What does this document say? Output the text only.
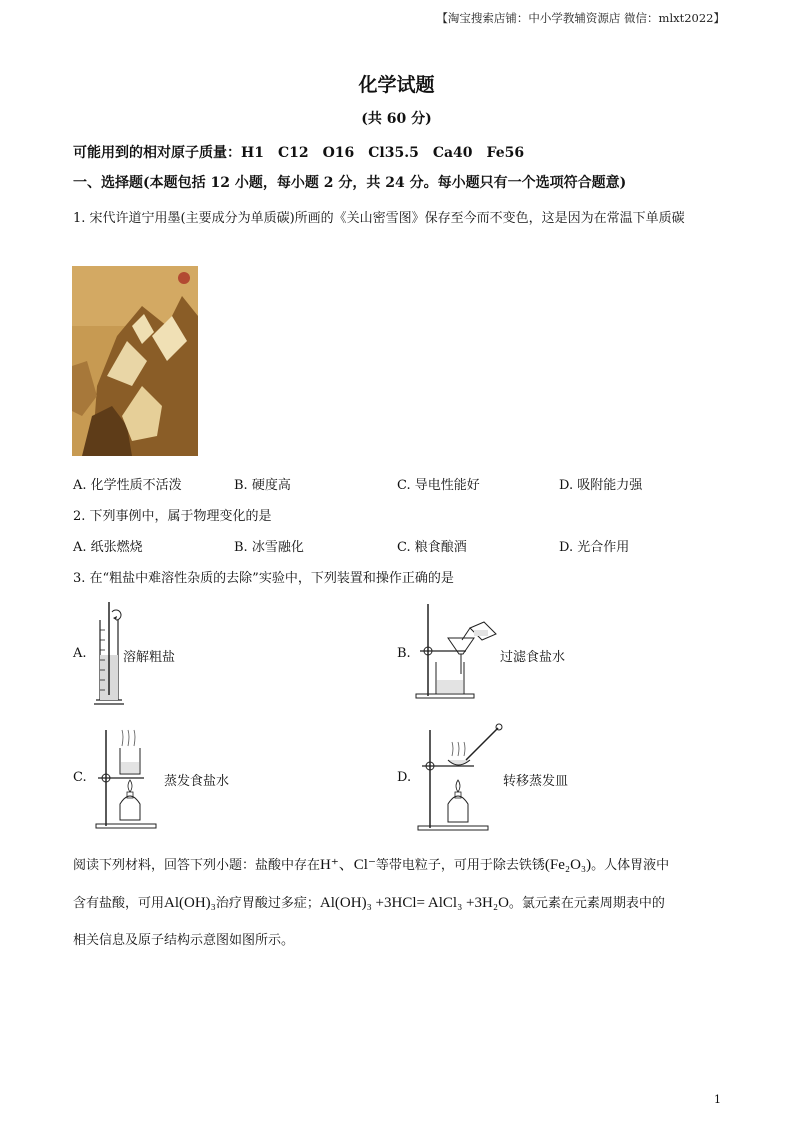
【淘宝搜索店铺：中小学教辅资源店 微信：mlxt2022】
化学试题
(共 60 分)
可能用到的相对原子质量：H1　C12　O16　Cl35.5　Ca40　Fe56
一、选择题(本题包括 12 小题，每小题 2 分，共 24 分。每小题只有一个选项符合题意)
1. 宋代许道宁用墨(主要成分为单质碳)所画的《关山密雪图》保存至今而不变色，这是因为在常温下单质碳
A. 化学性质不活泼	B. 硬度高	C. 导电性能好	D. 吸附能力强
2. 下列事例中，属于物理变化的是
A. 纸张燃烧	B. 冰雪融化	C. 粮食酿酒	D. 光合作用
3. 在“粗盐中难溶性杂质的去除”实验中，下列装置和操作正确的是
A.	溶解粗盐	B.	过滤食盐水
C.	蒸发食盐水	D.	转移蒸发皿
阅读下列材料，回答下列小题：盐酸中存在H⁺、Cl⁻等带电粒子，可用于除去铁锈(Fe₂O₃)。人体胃液中
含有盐酸，可用Al(OH)₃治疗胃酸过多症；Al(OH)₃ +3HCl= AlCl₃ +3H₂O。氯元素在元素周期表中的
相关信息及原子结构示意图如图所示。
1
